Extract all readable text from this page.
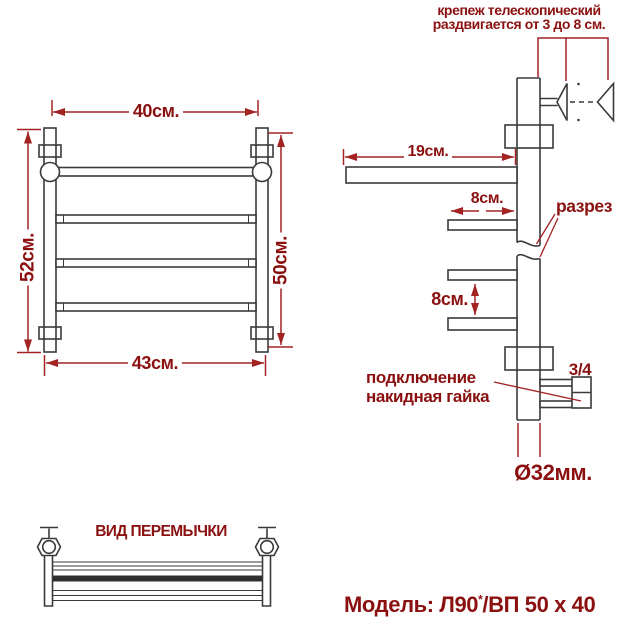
40см.
52см.	50см.
43см.
крепеж телескопический
раздвигается от 3 до 8 см.
19см.
8см.	разрез
8см.
подключение
накидная гайка
3/4
Ø32мм.
ВИД ПЕРЕМЫЧКИ
Модель: Л90*/ВП 50 х 40
